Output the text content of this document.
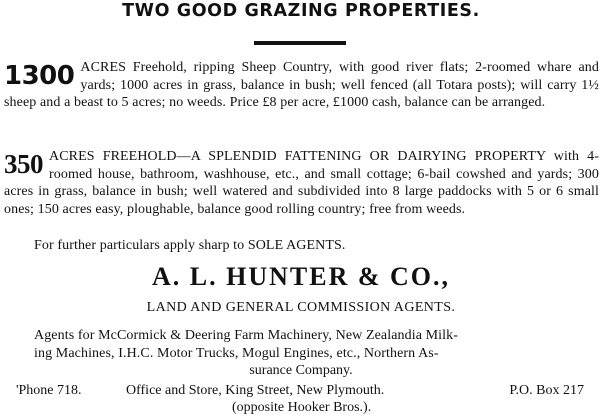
TWO GOOD GRAZING PROPERTIES.
1300 ACRES Freehold, ripping Sheep Country, with good river flats; 2-roomed whare and yards; 1000 acres in grass, balance in bush; well fenced (all Totara posts); will carry 1½ sheep and a beast to 5 acres; no weeds. Price £8 per acre, £1000 cash, balance can be arranged.
350 ACRES FREEHOLD—A SPLENDID FATTENING OR DAIRYING PROPERTY with 4-roomed house, bathroom, washhouse, etc., and small cottage; 6-bail cowshed and yards; 300 acres in grass, balance in bush; well watered and subdivided into 8 large paddocks with 5 or 6 small ones; 150 acres easy, ploughable, balance good rolling country; free from weeds.
For further particulars apply sharp to SOLE AGENTS.
A. L. HUNTER & CO.,
LAND AND GENERAL COMMISSION AGENTS.
Agents for McCormick & Deering Farm Machinery, New Zealandia Milk-
ing Machines, I.H.C. Motor Trucks, Mogul Engines, etc., Northern As-
surance Company.
'Phone 718.	Office and Store, King Street, New Plymouth.	P.O. Box 217
(opposite Hooker Bros.).
